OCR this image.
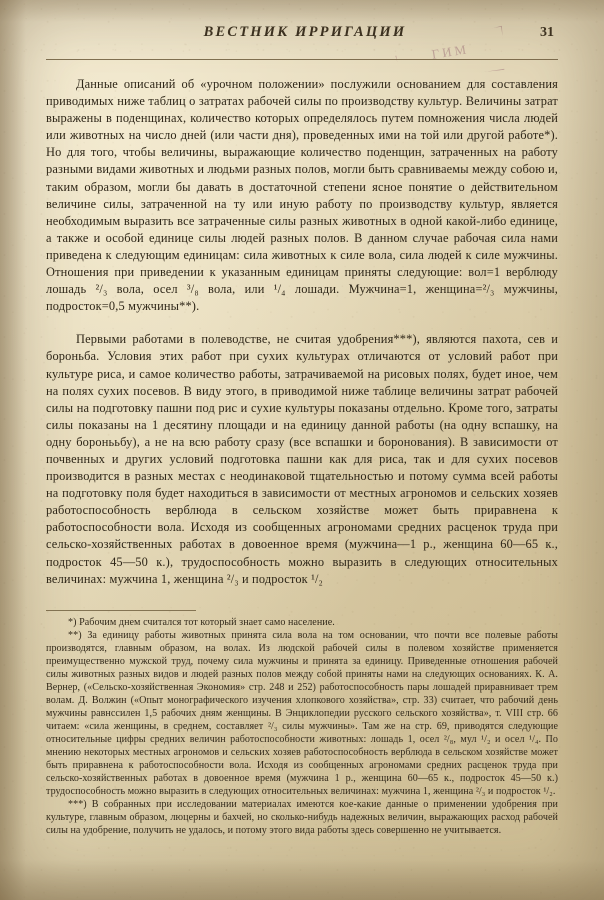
ВЕСТНИК ИРРИГАЦИИ	31
ГИМ

Данные описаний об «урочном положении» послужили основанием для составления приводимых ниже таблиц о затратах рабочей силы по производству культур. Величины затрат выражены в поденщинах, количество которых определялось путем помножения числа людей или животных на число дней (или части дня), проведенных ими на той или другой работе*). Но для того, чтобы величины, выражающие количество поденщин, затраченных на работу разными видами животных и людьми разных полов, могли быть сравниваемы между собою и, таким образом, могли бы давать в достаточной степени ясное понятие о действительном величине силы, затраченной на ту или иную работу по производству культур, является необходимым выразить все затраченные силы разных животных в одной какой-либо единице, а также и особой единице силы людей разных полов. В данном случае рабочая сила нами приведена к следующим единицам: сила животных к силе вола, сила людей к силе мужчины. Отношения при приведении к указанным единицам приняты следующие: вол=1 верблюду лошадь ²/₃ вола, осел ³/₈ вола, или ¹/₄ лошади. Мужчина=1, женщина=²/₃ мужчины, подросток=0,5 мужчины**).

Первыми работами в полеводстве, не считая удобрения***), являются пахота, сев и бороньба. Условия этих работ при сухих культурах отличаются от условий работ при культуре риса, и самое количество работы, затрачиваемой на рисовых полях, будет иное, чем на полях сухих посевов. В виду этого, в приводимой ниже таблице величины затрат рабочей силы на подготовку пашни под рис и сухие культуры показаны отдельно. Кроме того, затраты силы показаны на 1 десятину площади и на единицу данной работы (на одну вспашку, на одну боронььбу), а не на всю работу сразу (все вспашки и боронования). В зависимости от почвенных и других условий подготовка пашни как для риса, так и для сухих посевов производится в разных местах с неодинаковой тщательностью и потому сумма всей работы на подготовку поля будет находиться в зависимости от местных агрономов и сельских хозяев работоспособность верблюда в сельском хозяйстве может быть приравнена к работоспособности вола. Исходя из сообщенных агрономами средних расценок труда при сельско-хозяйственных работах в довоенное время (мужчина—1 р., женщина 60—65 к., подросток 45—50 к.), трудоспособность можно выразить в следующих относительных величинах: мужчина 1, женщина ²/₃ и подросток ¹/₂

*) Рабочим днем считался тот который знает само население.

**) За единицу работы животных принята сила вола на том основании, что почти все полевые работы производятся, главным образом, на волах. Из людской рабочей силы в полевом хозяйстве применяется преимущественно мужской труд, почему сила мужчины и принята за единицу. Приведенные отношения рабочей силы животных разных видов и людей разных полов между собой приняты нами на следующих основаниях. К. А. Вернер, («Сельско-хозяйственная Экономия» стр. 248 и 252) работоспособность пары лошадей приравнивает трем волам. Д. Волжин («Опыт монографического изучения хлопкового хозяйства», стр. 33) считает, что рабочий день мужчины равнссилен 1,5 рабочих дням женщины. В Энциклопедии русского сельского хозяйства», т. VIII стр. 66 читаем: «сила женщины, в среднем, составляет ²/₃ силы мужчины». Там же на стр. 69, приводятся следующие относительные цифры средних величин работоспособности животных: лошадь 1, осел ²/₈, мул ¹/₂ и осел ¹/₄. По мнению некоторых местных агрономов и сельских хозяев работоспособность верблюда в сельском хозяйстве может быть приравнена к работоспособности вола. Исходя из сообщенных агрономами средних расценок труда при сельско-хозяйственных работах в довоенное время (мужчина 1 р., женщина 60—65 к., подросток 45—50 к.) трудоспособность можно выразить в следующих относительных величинах: мужчина 1, женщина ²/₃ и подросток ¹/₂.

***) В собранных при исследовании материалах имеются кое-какие данные о применении удобрения при культуре, главным образом, люцерны и бахчей, но сколько-нибудь надежных величин, выражающих расход рабочей силы на удобрение, получить не удалось, и потому этого вида работы здесь совершенно не учитывается.
